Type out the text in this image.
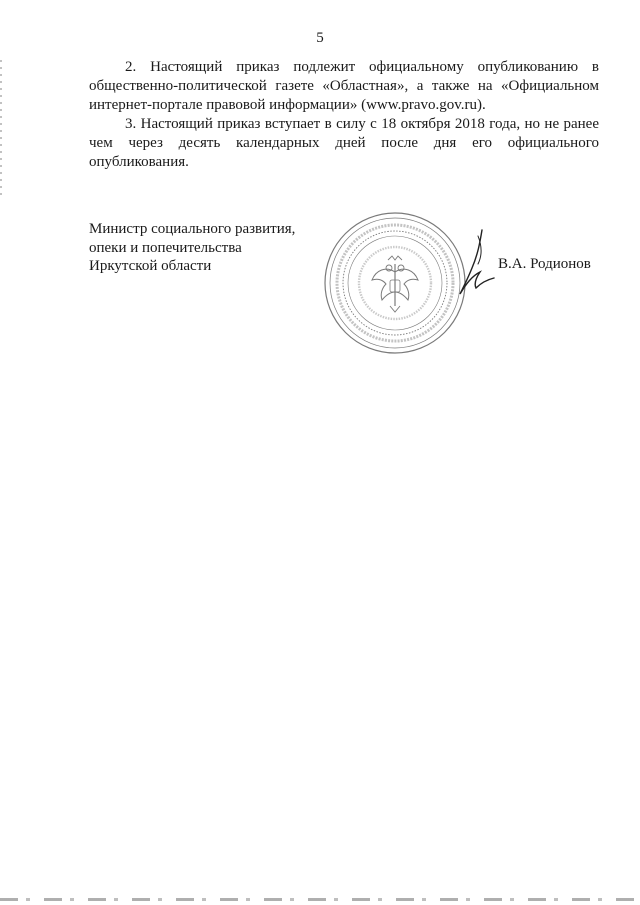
5

2. Настоящий приказ подлежит официальному опубликованию в общественно-политической газете «Областная», а также на «Официальном интернет-портале правовой информации» (www.pravo.gov.ru).

3. Настоящий приказ вступает в силу с 18 октября 2018 года, но не ранее чем через десять календарных дней после дня его официального опубликования.

Министр социального развития,
опеки и попечительства
Иркутской области	В.А. Родионов
